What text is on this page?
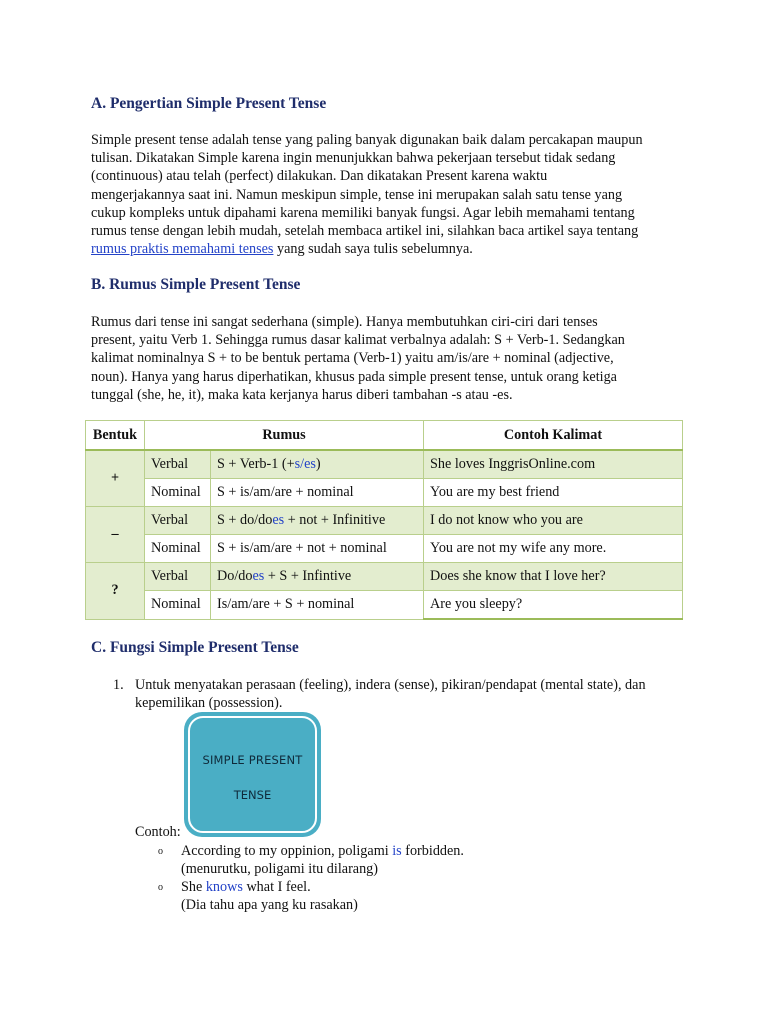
A. Pengertian Simple Present Tense
Simple present tense adalah tense yang paling banyak digunakan baik dalam percakapan maupun
tulisan. Dikatakan Simple karena ingin menunjukkan bahwa pekerjaan tersebut tidak sedang
(continuous) atau telah (perfect) dilakukan. Dan dikatakan Present karena waktu
mengerjakannya saat ini. Namun meskipun simple, tense ini merupakan salah satu tense yang
cukup kompleks untuk dipahami karena memiliki banyak fungsi. Agar lebih memahami tentang
rumus tense dengan lebih mudah, setelah membaca artikel ini, silahkan baca artikel saya tentang
rumus praktis memahami tenses yang sudah saya tulis sebelumnya.
B. Rumus Simple Present Tense
Rumus dari tense ini sangat sederhana (simple). Hanya membutuhkan ciri-ciri dari tenses
present, yaitu Verb 1. Sehingga rumus dasar kalimat verbalnya adalah: S + Verb-1. Sedangkan
kalimat nominalnya S + to be bentuk pertama (Verb-1) yaitu am/is/are + nominal (adjective,
noun). Hanya yang harus diperhatikan, khusus pada simple present tense, untuk orang ketiga
tunggal (she, he, it), maka kata kerjanya harus diberi tambahan -s atau -es.
Bentuk	Rumus		Contoh Kalimat
+	Verbal	S + Verb-1 (+s/es)	She loves InggrisOnline.com
	Nominal	S + is/am/are + nominal	You are my best friend
–	Verbal	S + do/does + not + Infinitive	I do not know who you are
	Nominal	S + is/am/are + not + nominal	You are not my wife any more.
?	Verbal	Do/does + S + Infintive	Does she know that I love her?
	Nominal	Is/am/are + S + nominal	Are you sleepy?
C. Fungsi Simple Present Tense
1. Untuk menyatakan perasaan (feeling), indera (sense), pikiran/pendapat (mental state), dan
kepemilikan (possession).
SIMPLE PRESENT
TENSE
Contoh:
o According to my oppinion, poligami is forbidden.
(menurutku, poligami itu dilarang)
o She knows what I feel.
(Dia tahu apa yang ku rasakan)
